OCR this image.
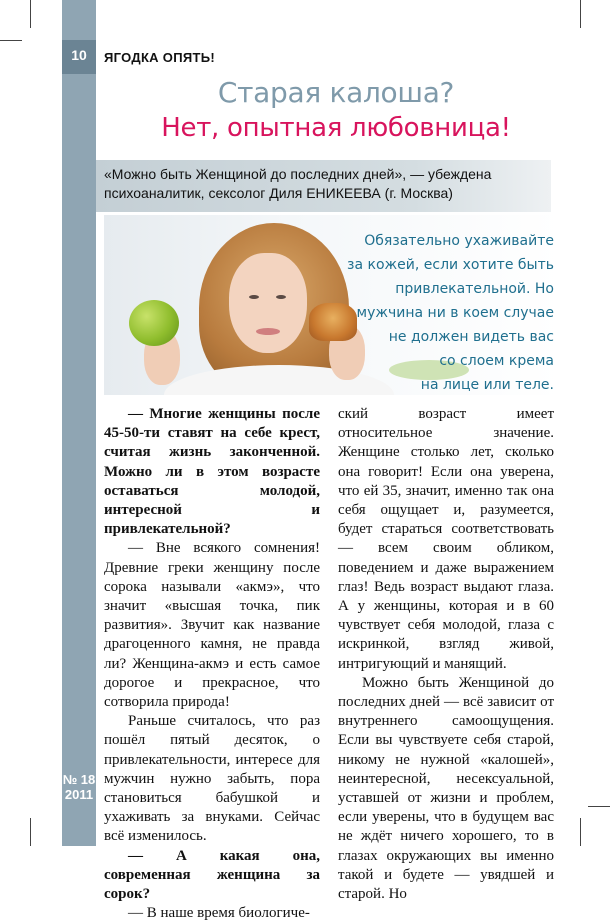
10	ЯГОДКА ОПЯТЬ!
Старая калоша?
Нет, опытная любовница!
«Можно быть Женщиной до последних дней», — убеждена психоаналитик, сексолог Диля ЕНИКЕЕВА (г. Москва)
Обязательно ухаживайте
за кожей, если хотите быть
привлекательной. Но
мужчина ни в коем случае
не должен видеть вас
со слоем крема
на лице или теле.

— Многие женщины после 45-50-ти ставят на себе крест, считая жизнь законченной. Можно ли в этом возрасте оставаться молодой, интересной и привлекательной?

— Вне всякого сомнения! Древние греки женщину после сорока называли «акмэ», что значит «высшая точка, пик развития». Звучит как название драгоценного камня, не правда ли? Женщина-акмэ и есть самое дорогое и прекрасное, что сотворила природа!

Раньше считалось, что раз пошёл пятый десяток, о привлекательности, интересе для мужчин нужно забыть, пора становиться бабушкой и ухаживать за внуками. Сейчас всё изменилось.

— А какая она, современная женщина за сорок?

— В наше время биологиче-

ский возраст имеет относительное значение. Женщине столько лет, сколько она говорит! Если она уверена, что ей 35, значит, именно так она себя ощущает и, разумеется, будет стараться соответствовать — всем своим обликом, поведением и даже выражением глаз! Ведь возраст выдают глаза. А у женщины, которая и в 60 чувствует себя молодой, глаза с искринкой, взгляд живой, интригующий и манящий.

Можно быть Женщиной до последних дней — всё зависит от внутреннего самоощущения. Если вы чувствуете себя старой, никому не нужной «калошей», неинтересной, несексуальной, уставшей от жизни и проблем, если уверены, что в будущем вас не ждёт ничего хорошего, то в глазах окружающих вы именно такой и будете — увядшей и старой. Но

№ 18
2011
